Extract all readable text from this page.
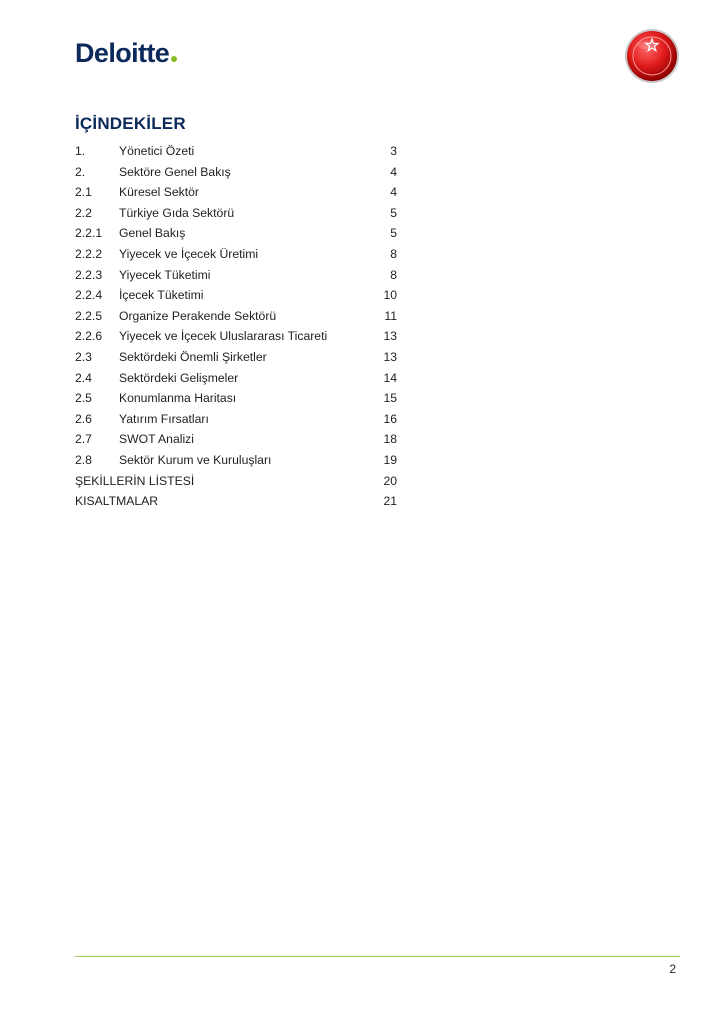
Deloitte
İÇİNDEKİLER
1.	Yönetici Özeti	3
2.	Sektöre Genel Bakış	4
2.1 Küresel Sektör	4
2.2 Türkiye Gıda Sektörü	5
2.2.1 Genel Bakış	5
2.2.2 Yiyecek ve İçecek Üretimi	8
2.2.3 Yiyecek Tüketimi	8
2.2.4 İçecek Tüketimi	10
2.2.5 Organize Perakende Sektörü	11
2.2.6 Yiyecek ve İçecek Uluslararası Ticareti	13
2.3 Sektördeki Önemli Şirketler	13
2.4 Sektördeki Gelişmeler	14
2.5 Konumlanma Haritası	15
2.6 Yatırım Fırsatları	16
2.7 SWOT Analizi	18
2.8 Sektör Kurum ve Kuruluşları	19
ŞEKİLLERİN LİSTESİ	20
KISALTMALAR	21
2
